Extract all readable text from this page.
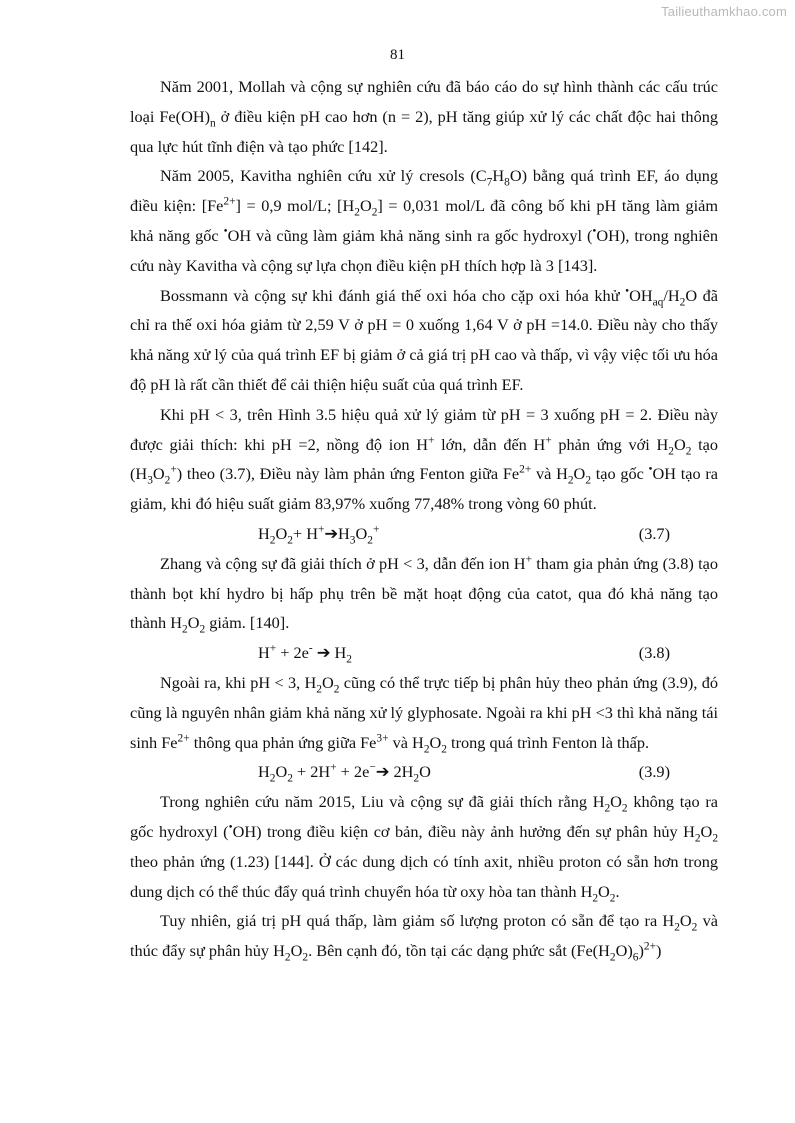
Tailieuthamkhao.com
81

Năm 2001, Mollah và cộng sự nghiên cứu đã báo cáo do sự hình thành các cấu trúc loại $Fe(OH)_n$ ở điều kiện pH cao hơn (n = 2), pH tăng giúp xử lý các chất độc hai thông qua lực hút tĩnh điện và tạo phức [142].

Năm 2005, Kavitha nghiên cứu xử lý cresols $(C_7H_8O)$ bằng quá trình EF, áo dụng điều kiện: $[Fe^{2+}] = 0,9$ mol/L; $[H_2O_2] = 0,031$ mol/L đã công bố khi pH tăng làm giảm khả năng gốc •OH và cũng làm giảm khả năng sinh ra gốc hydroxyl (•OH), trong nghiên cứu này Kavitha và cộng sự lựa chọn điều kiện pH thích hợp là 3 [143].

Bossmann và cộng sự khi đánh giá thế oxi hóa cho cặp oxi hóa khử $^•OH_{aq}/H_2O$ đã chỉ ra thế oxi hóa giảm từ 2,59 V ở pH = 0 xuống 1,64 V ở pH =14.0. Điều này cho thấy khả năng xử lý của quá trình EF bị giảm ở cả giá trị pH cao và thấp, vì vậy việc tối ưu hóa độ pH là rất cần thiết để cải thiện hiệu suất của quá trình EF.

Khi pH < 3, trên Hình 3.5 hiệu quả xử lý giảm từ pH = 3 xuống pH = 2. Điều này được giải thích: khi pH =2, nồng độ ion H+ lớn, dẫn đến H+ phản ứng với $H_2O_2$ tạo $(H_3O_2^+)$ theo (3.7), Điều này làm phản ứng Fenton giữa $Fe^{2+}$ và $H_2O_2$ tạo gốc •OH tạo ra giảm, khi đó hiệu suất giảm 83,97% xuống 77,48% trong vòng 60 phút.

$H_2O_2+$ $H^+➔H_3O_2^+$	(3.7)

Zhang và cộng sự đã giải thích ở pH < 3, dẫn đến ion H+ tham gia phản ứng (3.8) tạo thành bọt khí hydro bị hấp phụ trên bề mặt hoạt động của catot, qua đó khả năng tạo thành $H_2O_2$ giảm. [140].

H+ + 2e- ➔ $H_2$	(3.8)

Ngoài ra, khi pH < 3, $H_2O_2$ cũng có thể trực tiếp bị phân hủy theo phản ứng (3.9), đó cũng là nguyên nhân giảm khả năng xử lý glyphosate. Ngoài ra khi pH <3 thì khả năng tái $\sinh Fe^{2+}$ thông qua phản ứng giữa $Fe^{3+}$ và $H_2O_2$ trong quá trình Fenton là thấp.

$H_2O_2 + 2H^+$ + 2e−➔ $2H_2O$	(3.9)

Trong nghiên cứu năm 2015, Liu và cộng sự đã giải thích rằng $H_2O_2$ không tạo ra gốc hydroxyl (•OH) trong điều kiện cơ bản, điều này ảnh hưởng đến sự phân hủy $H_2O_2$ theo phản ứng (1.23) [144]. Ở các dung dịch có tính axit, nhiều proton có sẵn hơn trong dung dịch có thể thúc đẩy quá trình chuyển hóa từ oxy hòa tan thành $H_2O_2$.

Tuy nhiên, giá trị pH quá thấp, làm giảm số lượng proton có sẵn để tạo ra $H_2O_2$ và thúc đẩy sự phân hủy $H_2O_2$. Bên cạnh đó, tồn tại các dạng phức sắt $(Fe(H_2O)_6)^{2+}$)
